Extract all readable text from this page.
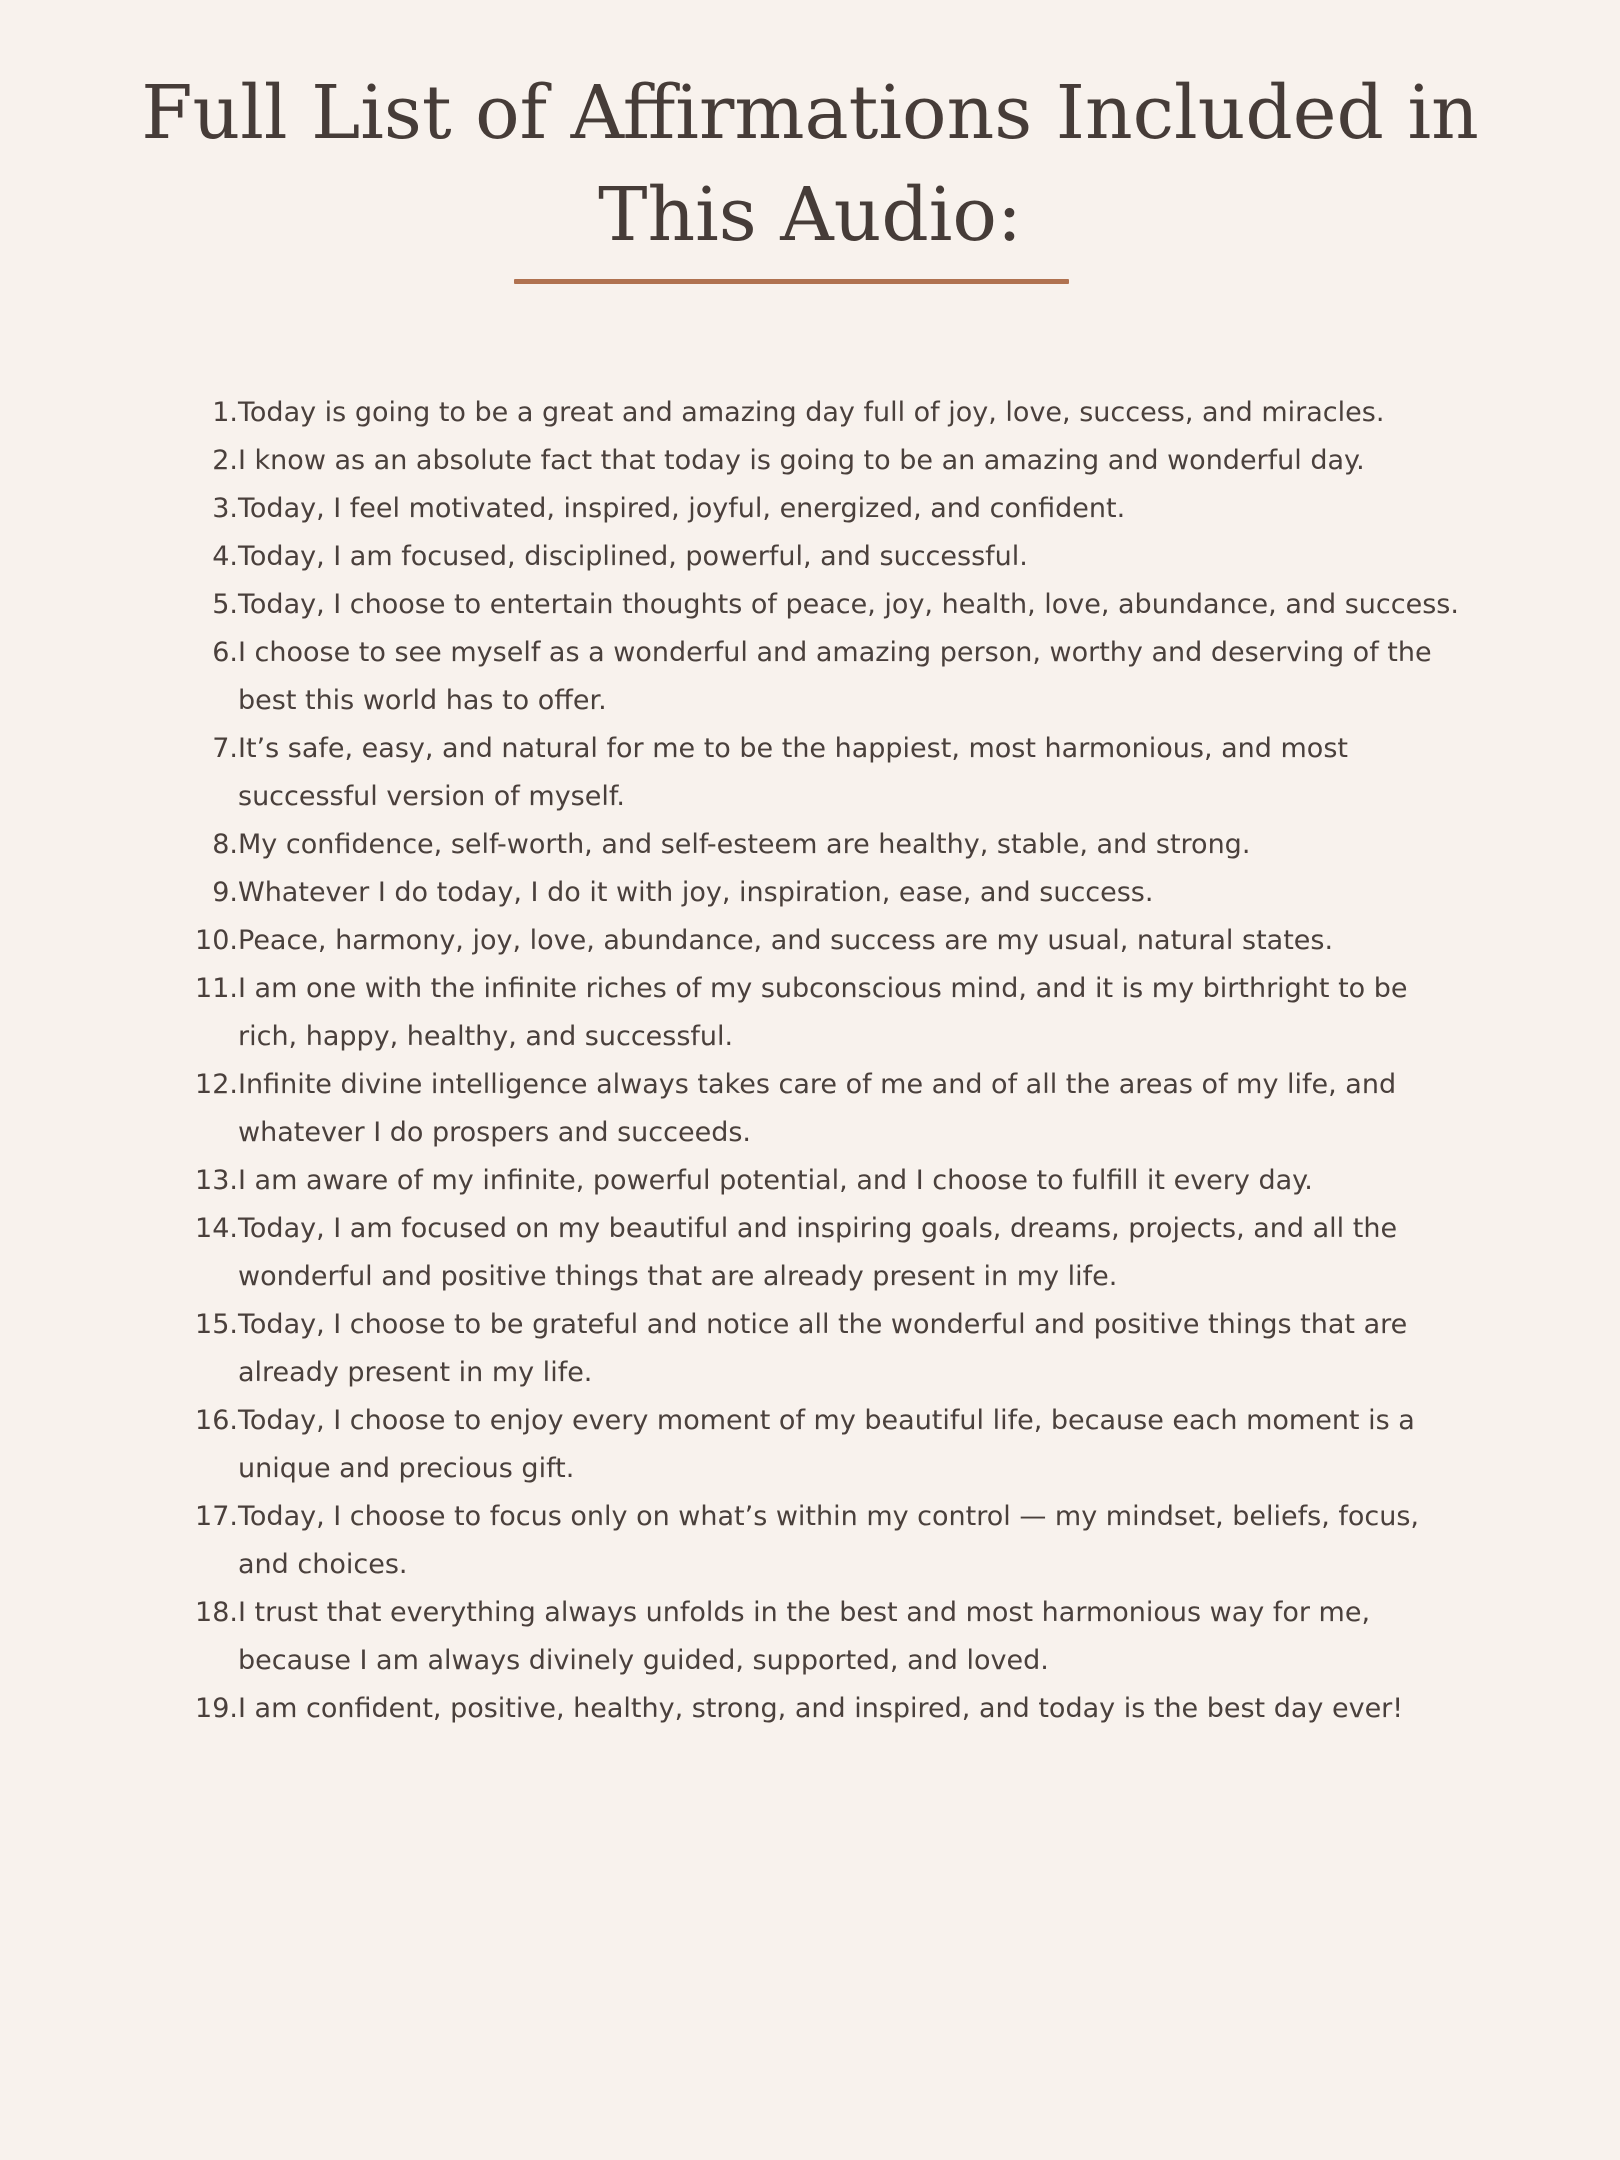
Full List of Affirmations Included in
This Audio:
1. Today is going to be a great and amazing day full of joy, love, success, and miracles.
2. I know as an absolute fact that today is going to be an amazing and wonderful day.
3. Today, I feel motivated, inspired, joyful, energized, and confident.
4. Today, I am focused, disciplined, powerful, and successful.
5. Today, I choose to entertain thoughts of peace, joy, health, love, abundance, and success.
6. I choose to see myself as a wonderful and amazing person, worthy and deserving of the best this world has to offer.
7. It’s safe, easy, and natural for me to be the happiest, most harmonious, and most successful version of myself.
8. My confidence, self-worth, and self-esteem are healthy, stable, and strong.
9. Whatever I do today, I do it with joy, inspiration, ease, and success.
10. Peace, harmony, joy, love, abundance, and success are my usual, natural states.
11. I am one with the infinite riches of my subconscious mind, and it is my birthright to be rich, happy, healthy, and successful.
12. Infinite divine intelligence always takes care of me and of all the areas of my life, and whatever I do prospers and succeeds.
13. I am aware of my infinite, powerful potential, and I choose to fulfill it every day.
14. Today, I am focused on my beautiful and inspiring goals, dreams, projects, and all the wonderful and positive things that are already present in my life.
15. Today, I choose to be grateful and notice all the wonderful and positive things that are already present in my life.
16. Today, I choose to enjoy every moment of my beautiful life, because each moment is a unique and precious gift.
17. Today, I choose to focus only on what’s within my control — my mindset, beliefs, focus, and choices.
18. I trust that everything always unfolds in the best and most harmonious way for me, because I am always divinely guided, supported, and loved.
19. I am confident, positive, healthy, strong, and inspired, and today is the best day ever!
